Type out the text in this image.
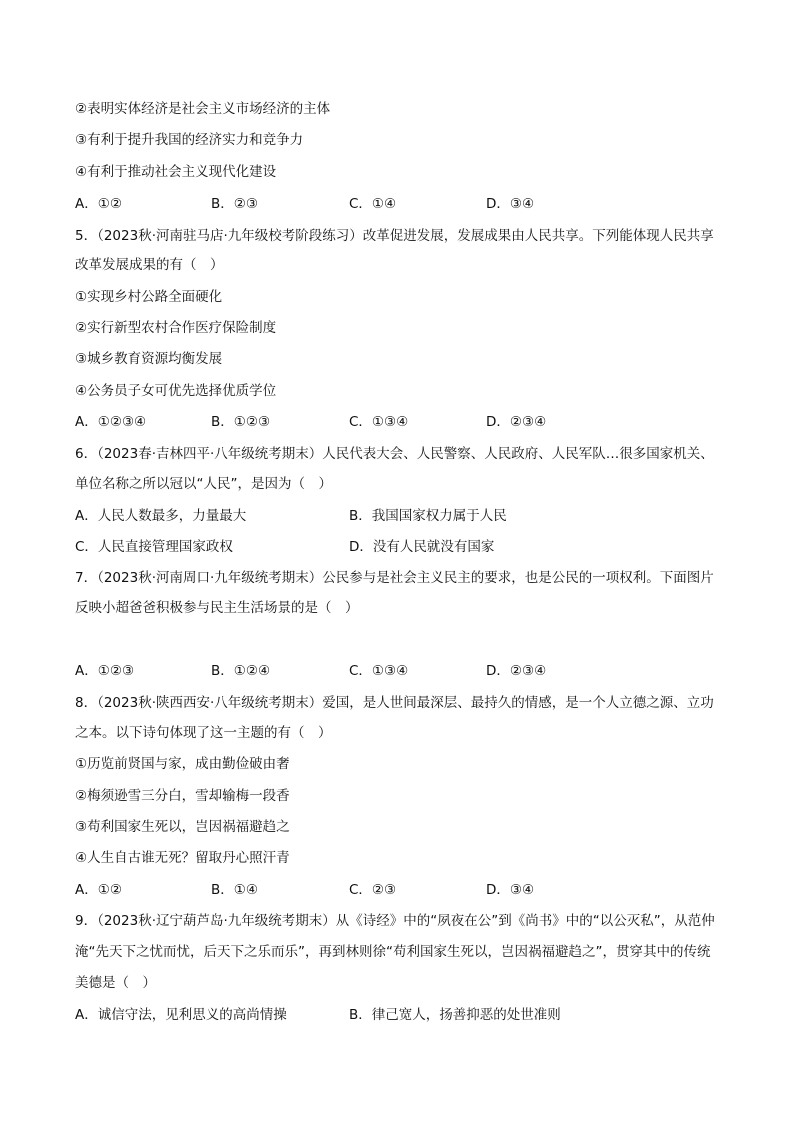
②表明实体经济是社会主义市场经济的主体
③有利于提升我国的经济实力和竞争力
④有利于推动社会主义现代化建设
A．①②	B．②③	C．①④	D．③④
5．（2023秋·河南驻马店·九年级校考阶段练习）改革促进发展，发展成果由人民共享。下列能体现人民共享
改革发展成果的有（　）
①实现乡村公路全面硬化
②实行新型农村合作医疗保险制度
③城乡教育资源均衡发展
④公务员子女可优先选择优质学位
A．①②③④	B．①②③	C．①③④	D．②③④
6．（2023春·吉林四平·八年级统考期末）人民代表大会、人民警察、人民政府、人民军队…很多国家机关、
单位名称之所以冠以“人民”，是因为（　）
A．人民人数最多，力量最大	B．我国国家权力属于人民
C．人民直接管理国家政权	D．没有人民就没有国家
7．（2023秋·河南周口·九年级统考期末）公民参与是社会主义民主的要求，也是公民的一项权利。下面图片
反映小超爸爸积极参与民主生活场景的是（　）
A．①②③	B．①②④	C．①③④	D．②③④
8．（2023秋·陕西西安·八年级统考期末）爱国，是人世间最深层、最持久的情感，是一个人立德之源、立功
之本。以下诗句体现了这一主题的有（　）
①历览前贤国与家，成由勤俭破由奢
②梅须逊雪三分白，雪却输梅一段香
③苟利国家生死以，岂因祸福避趋之
④人生自古谁无死？留取丹心照汗青
A．①②	B．①④	C．②③	D．③④
9．（2023秋·辽宁葫芦岛·九年级统考期末）从《诗经》中的“夙夜在公”到《尚书》中的“以公灭私”，从范仲
淹“先天下之忧而忧，后天下之乐而乐”，再到林则徐“苟利国家生死以，岂因祸福避趋之”，贯穿其中的传统
美德是（　）
A．诚信守法，见利思义的高尚情操	B．律己宽人，扬善抑恶的处世准则
